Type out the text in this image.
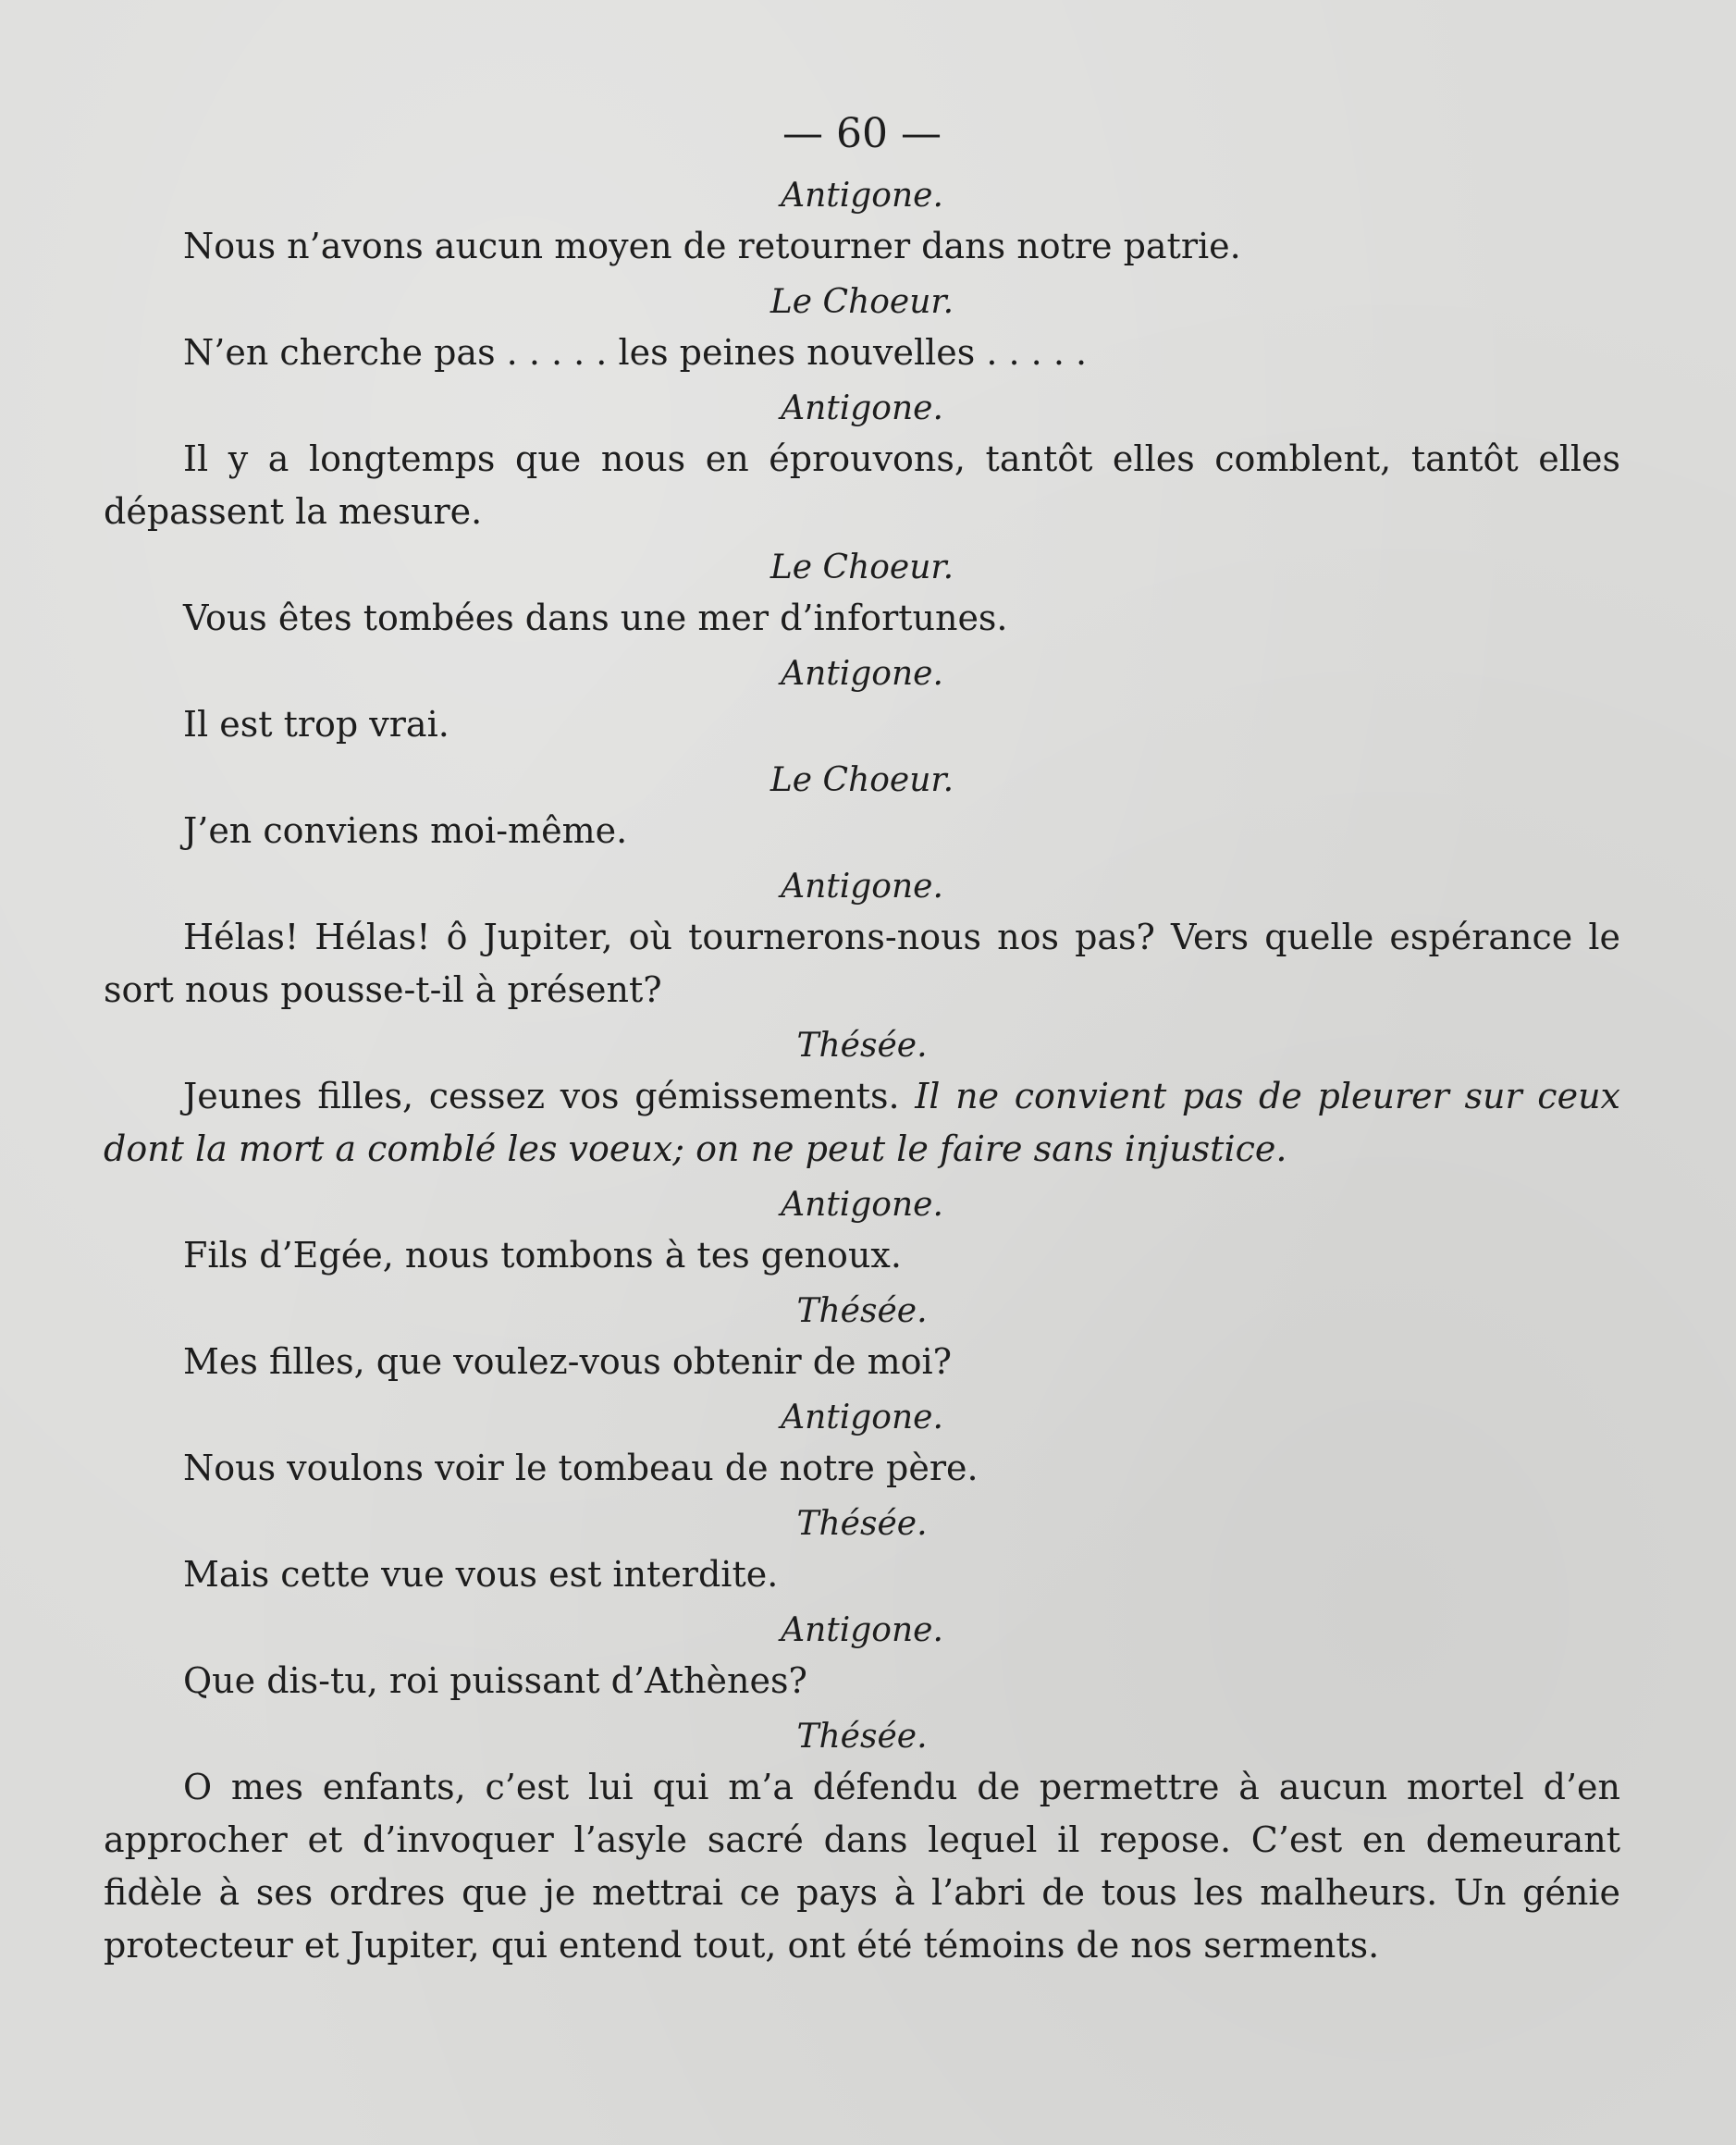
— 60 —
Antigone.

Nous n’avons aucun moyen de retourner dans notre patrie.

Le Choeur.

N’en cherche pas . . . . . les peines nouvelles . . . . .

Antigone.

Il y a longtemps que nous en éprouvons, tantôt elles comblent, tantôt elles dépassent la mesure.

Le Choeur.

Vous êtes tombées dans une mer d’infortunes.

Antigone.

Il est trop vrai.

Le Choeur.

J’en conviens moi-même.

Antigone.

Hélas! Hélas! ô Jupiter, où tournerons-nous nos pas? Vers quelle espérance le sort nous pousse-t-il à présent?

Thésée.

Jeunes filles, cessez vos gémissements. Il ne convient pas de pleurer sur ceux dont la mort a comblé les voeux; on ne peut le faire sans injustice.

Antigone.

Fils d’Egée, nous tombons à tes genoux.

Thésée.

Mes filles, que voulez-vous obtenir de moi?

Antigone.

Nous voulons voir le tombeau de notre père.

Thésée.

Mais cette vue vous est interdite.

Antigone.

Que dis-tu, roi puissant d’Athènes?

Thésée.

O mes enfants, c’est lui qui m’a défendu de permettre à aucun mortel d’en approcher et d’invoquer l’asyle sacré dans lequel il repose. C’est en demeurant fidèle à ses ordres que je mettrai ce pays à l’abri de tous les malheurs. Un génie protecteur et Jupiter, qui entend tout, ont été témoins de nos serments.
